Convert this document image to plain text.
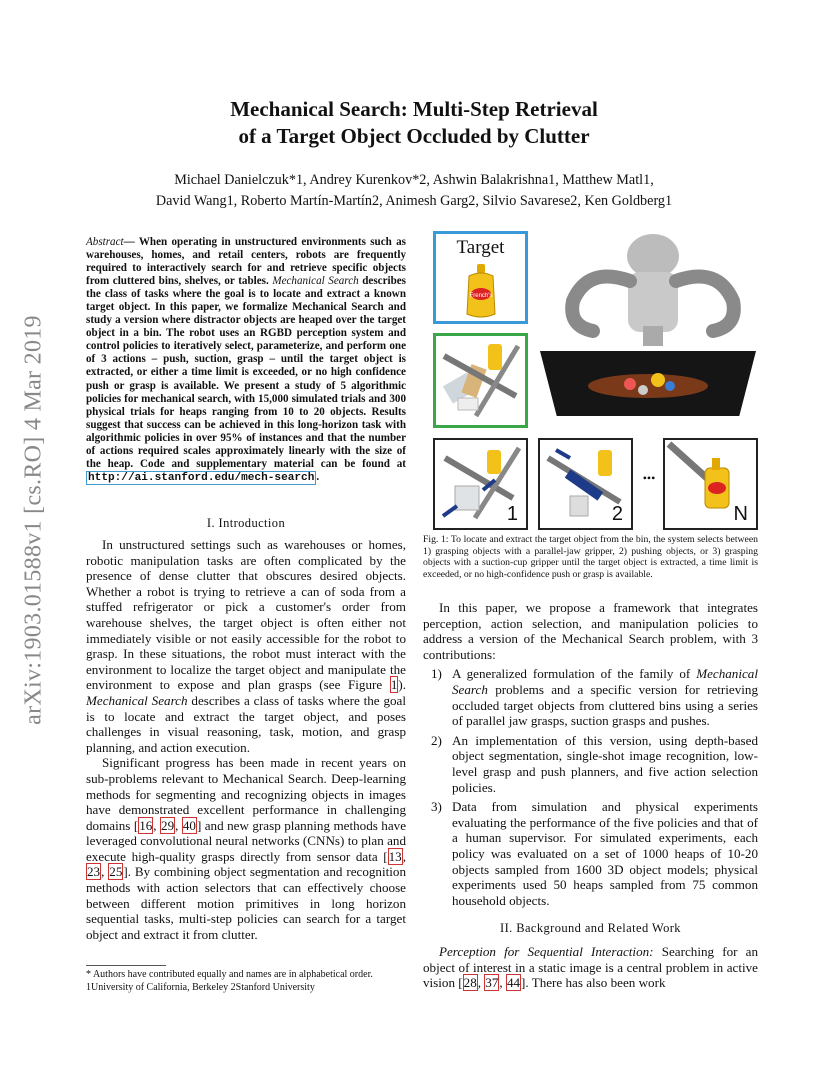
Mechanical Search: Multi-Step Retrieval
of a Target Object Occluded by Clutter
Michael Danielczuk*1, Andrey Kurenkov*2, Ashwin Balakrishna1, Matthew Matl1,
David Wang1, Roberto Martín-Martín2, Animesh Garg2, Silvio Savarese2, Ken Goldberg1
arXiv:1903.01588v1 [cs.RO] 4 Mar 2019
Abstract— When operating in unstructured environments such as warehouses, homes, and retail centers, robots are frequently required to interactively search for and retrieve specific objects from cluttered bins, shelves, or tables. Mechanical Search describes the class of tasks where the goal is to locate and extract a known target object. In this paper, we formalize Mechanical Search and study a version where distractor objects are heaped over the target object in a bin. The robot uses an RGBD perception system and control policies to iteratively select, parameterize, and perform one of 3 actions – push, suction, grasp – until the target object is extracted, or either a time limit is exceeded, or no high confidence push or grasp is available. We present a study of 5 algorithmic policies for mechanical search, with 15,000 simulated trials and 300 physical trials for heaps ranging from 10 to 20 objects. Results suggest that success can be achieved in this long-horizon task with algorithmic policies in over 95% of instances and that the number of actions required scales approximately linearly with the size of the heap. Code and supplementary material can be found at http://ai.stanford.edu/mech-search .
I. Introduction

In unstructured settings such as warehouses or homes, robotic manipulation tasks are often complicated by the presence of dense clutter that obscures desired objects. Whether a robot is trying to retrieve a can of soda from a stuffed refrigerator or pick a customer's order from warehouse shelves, the target object is often either not immediately visible or not easily accessible for the robot to grasp. In these situations, the robot must interact with the environment to localize the target object and manipulate the environment to expose and plan grasps (see Figure 1). Mechanical Search describes a class of tasks where the goal is to locate and extract the target object, and poses challenges in visual reasoning, task, motion, and grasp planning, and action execution.

Significant progress has been made in recent years on sub-problems relevant to Mechanical Search. Deep-learning methods for segmenting and recognizing objects in images have demonstrated excellent performance in challenging domains [16, 29, 40] and new grasp planning methods have leveraged convolutional neural networks (CNNs) to plan and execute high-quality grasps directly from sensor data [13, 23, 25]. By combining object segmentation and recognition methods with action selectors that can effectively choose between different motion primitives in long horizon sequential tasks, multi-step policies can search for a target object and extract it from clutter.

* Authors have contributed equally and names are in alphabetical order.
1University of California, Berkeley 2Stanford University
Target
French's
1	2
•••
N
Fig. 1: To locate and extract the target object from the bin, the system selects between 1) grasping objects with a parallel-jaw gripper, 2) pushing objects, or 3) grasping objects with a suction-cup gripper until the target object is extracted, a time limit is exceeded, or no high-confidence push or grasp is available.

In this paper, we propose a framework that integrates perception, action selection, and manipulation policies to address a version of the Mechanical Search problem, with 3 contributions:

1) A generalized formulation of the family of Mechanical Search problems and a specific version for retrieving occluded target objects from cluttered bins using a series of parallel jaw grasps, suction grasps and pushes.
2) An implementation of this version, using depth-based object segmentation, single-shot image recognition, low-level grasp and push planners, and five action selection policies.
3) Data from simulation and physical experiments evaluating the performance of the five policies and that of a human supervisor. For simulated experiments, each policy was evaluated on a set of 1000 heaps of 10-20 objects sampled from 1600 3D object models; physical experiments used 50 heaps sampled from 75 common household objects.
II. Background and Related Work

Perception for Sequential Interaction: Searching for an object of interest in a static image is a central problem in active vision [28, 37, 44]. There has also been work
